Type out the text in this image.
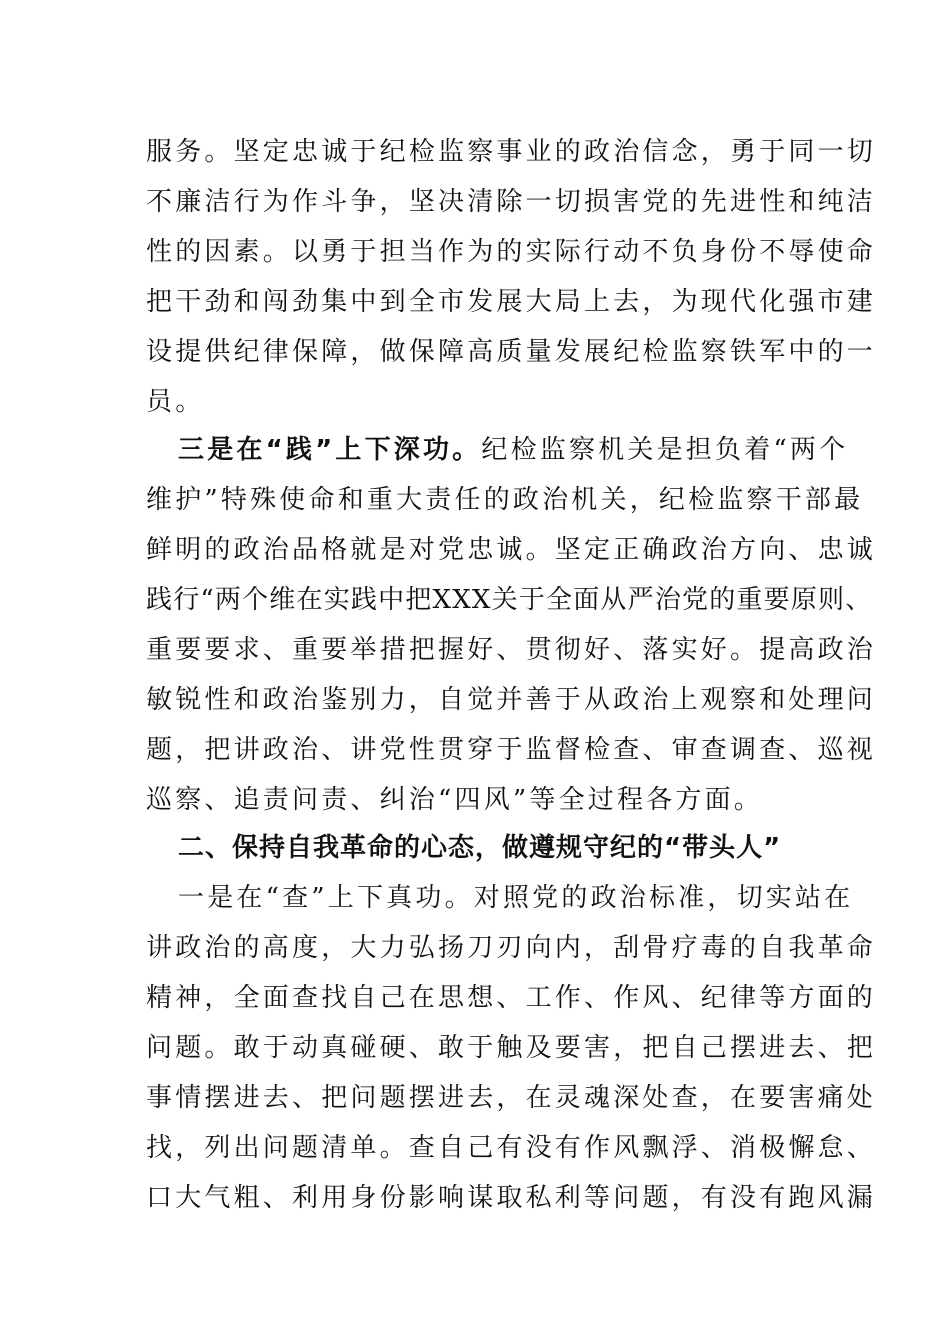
服务。坚定忠诚于纪检监察事业的政治信念，勇于同一切
不廉洁行为作斗争，坚决清除一切损害党的先进性和纯洁
性的因素。以勇于担当作为的实际行动不负身份不辱使命
把干劲和闯劲集中到全市发展大局上去，为现代化强市建
设提供纪律保障，做保障高质量发展纪检监察铁军中的一
员。
三是在“践”上下深功。纪检监察机关是担负着“两个
维护”特殊使命和重大责任的政治机关，纪检监察干部最
鲜明的政治品格就是对党忠诚。坚定正确政治方向、忠诚
践行“两个维在实践中把XXX关于全面从严治党的重要原则、
重要要求、重要举措把握好、贯彻好、落实好。提高政治
敏锐性和政治鉴别力，自觉并善于从政治上观察和处理问
题，把讲政治、讲党性贯穿于监督检查、审查调查、巡视
巡察、追责问责、纠治“四风”等全过程各方面。
二、保持自我革命的心态，做遵规守纪的“带头人”
一是在“查”上下真功。对照党的政治标准，切实站在
讲政治的高度，大力弘扬刀刃向内，刮骨疗毒的自我革命
精神，全面查找自己在思想、工作、作风、纪律等方面的
问题。敢于动真碰硬、敢于触及要害，把自己摆进去、把
事情摆进去、把问题摆进去，在灵魂深处查，在要害痛处
找，列出问题清单。查自己有没有作风飘浮、消极懈怠、
口大气粗、利用身份影响谋取私利等问题，有没有跑风漏
